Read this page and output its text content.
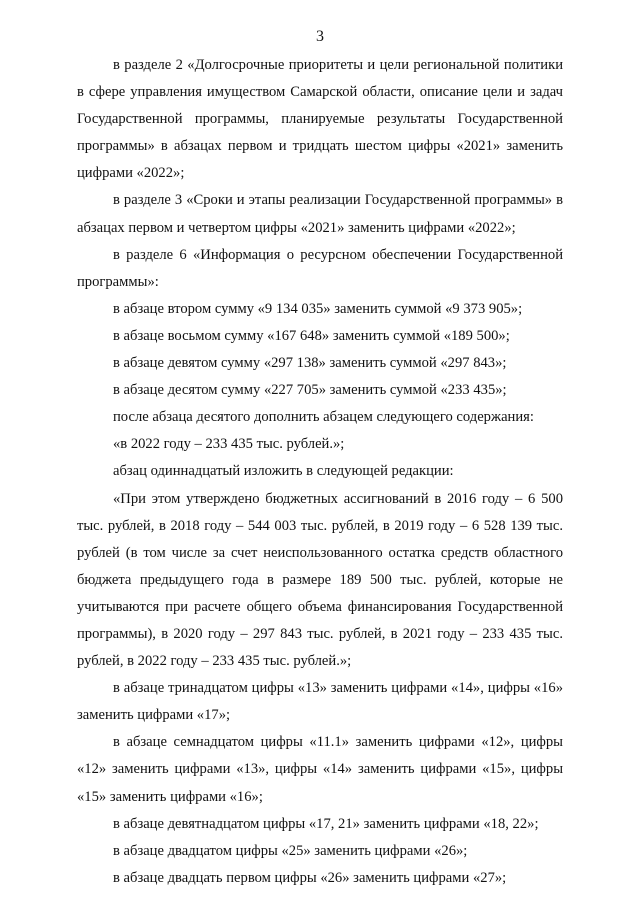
3

в разделе 2 «Долгосрочные приоритеты и цели региональной политики в сфере управления имуществом Самарской области, описание цели и задач Государственной программы, планируемые результаты Государственной программы» в абзацах первом и тридцать шестом цифры «2021» заменить цифрами «2022»;

в разделе 3 «Сроки и этапы реализации Государственной программы» в абзацах первом и четвертом цифры «2021» заменить цифрами «2022»;

в разделе 6 «Информация о ресурсном обеспечении Государственной программы»:

в абзаце втором сумму «9 134 035» заменить суммой «9 373 905»;

в абзаце восьмом сумму «167 648» заменить суммой «189 500»;

в абзаце девятом сумму «297 138» заменить суммой «297 843»;

в абзаце десятом сумму «227 705» заменить суммой «233 435»;

после абзаца десятого дополнить абзацем следующего содержания:

«в 2022 году – 233 435 тыс. рублей.»;

абзац одиннадцатый изложить в следующей редакции:

«При этом утверждено бюджетных ассигнований в 2016 году – 6 500 тыс. рублей, в 2018 году – 544 003 тыс. рублей, в 2019 году – 6 528 139 тыс. рублей (в том числе за счет неиспользованного остатка средств областного бюджета предыдущего года в размере 189 500 тыс. рублей, которые не учитываются при расчете общего объема финансирования Государственной программы), в 2020 году – 297 843 тыс. рублей, в 2021 году – 233 435 тыс. рублей, в 2022 году – 233 435 тыс. рублей.»;

в абзаце тринадцатом цифры «13» заменить цифрами «14», цифры «16» заменить цифрами «17»;

в абзаце семнадцатом цифры «11.1» заменить цифрами «12», цифры «12» заменить цифрами «13», цифры «14» заменить цифрами «15», цифры «15» заменить цифрами «16»;

в абзаце девятнадцатом цифры «17, 21» заменить цифрами «18, 22»;

в абзаце двадцатом цифры «25» заменить цифрами «26»;

в абзаце двадцать первом цифры «26» заменить цифрами «27»;
